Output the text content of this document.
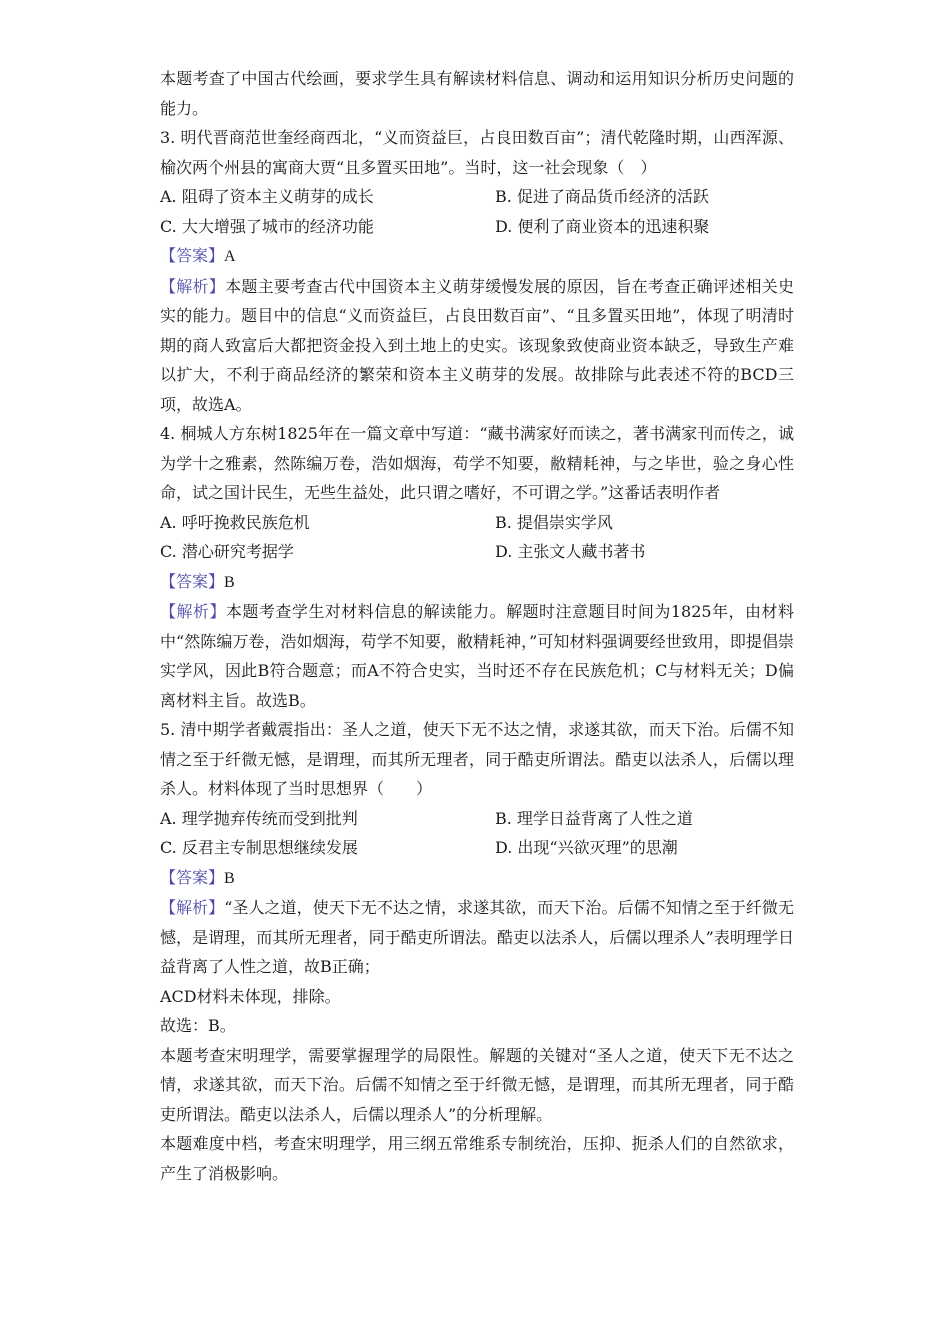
本题考查了中国古代绘画，要求学生具有解读材料信息、调动和运用知识分析历史问题的能力。

3. 明代晋商范世奎经商西北，“义而资益巨，占良田数百亩”；清代乾隆时期，山西浑源、榆次两个州县的寓商大贾“且多置买田地”。当时，这一社会现象（　）

A. 阻碍了资本主义萌芽的成长	B. 促进了商品货币经济的活跃
C. 大大增强了城市的经济功能	D. 便利了商业资本的迅速积聚

【答案】A

【解析】本题主要考查古代中国资本主义萌芽缓慢发展的原因，旨在考查正确评述相关史实的能力。题目中的信息“义而资益巨，占良田数百亩”、“且多置买田地”，体现了明清时期的商人致富后大都把资金投入到土地上的史实。该现象致使商业资本缺乏，导致生产难以扩大，不利于商品经济的繁荣和资本主义萌芽的发展。故排除与此表述不符的BCD三项，故选A。

4. 桐城人方东树1825年在一篇文章中写道：“藏书满家好而读之，著书满家刊而传之，诚为学十之雅素，然陈编万卷，浩如烟海，苟学不知要，敝精耗神，与之毕世，验之身心性命，试之国计民生，无些生益处，此只谓之嗜好，不可谓之学。”这番话表明作者

A. 呼吁挽救民族危机	B. 提倡崇实学风
C. 潜心研究考据学	D. 主张文人藏书著书

【答案】B

【解析】本题考查学生对材料信息的解读能力。解题时注意题目时间为1825年，由材料中“然陈编万卷，浩如烟海，苟学不知要，敝精耗神，”可知材料强调要经世致用，即提倡崇实学风，因此B符合题意；而A不符合史实，当时还不存在民族危机；C与材料无关；D偏离材料主旨。故选B。

5. 清中期学者戴震指出：圣人之道，使天下无不达之情，求遂其欲，而天下治。后儒不知情之至于纤微无憾，是谓理，而其所无理者，同于酷吏所谓法。酷吏以法杀人，后儒以理杀人。材料体现了当时思想界（　　）

A. 理学抛弃传统而受到批判	B. 理学日益背离了人性之道
C. 反君主专制思想继续发展	D. 出现“兴欲灭理”的思潮

【答案】B

【解析】“圣人之道，使天下无不达之情，求遂其欲，而天下治。后儒不知情之至于纤微无憾，是谓理，而其所无理者，同于酷吏所谓法。酷吏以法杀人，后儒以理杀人”表明理学日益背离了人性之道，故B正确；

ACD材料未体现，排除。

故选：B。

本题考查宋明理学，需要掌握理学的局限性。解题的关键对“圣人之道，使天下无不达之情，求遂其欲，而天下治。后儒不知情之至于纤微无憾，是谓理，而其所无理者，同于酷吏所谓法。酷吏以法杀人，后儒以理杀人”的分析理解。

本题难度中档，考查宋明理学，用三纲五常维系专制统治，压抑、扼杀人们的自然欲求，产生了消极影响。
